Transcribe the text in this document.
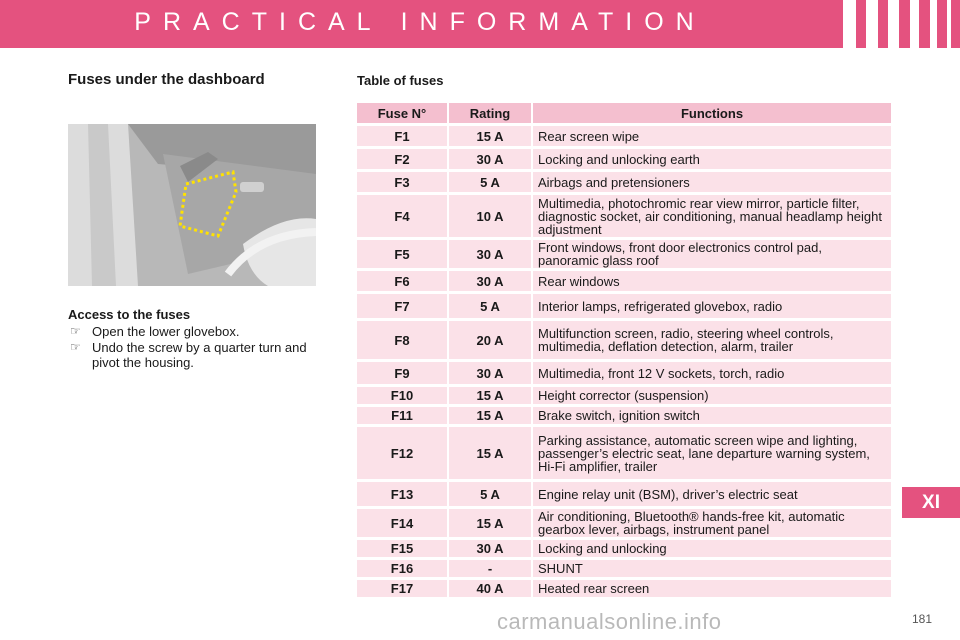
PRACTICAL INFORMATION
Fuses under the dashboard
Access to the fuses
☞ Open the lower glovebox.
☞ Undo the screw by a quarter turn and pivot the housing.
Table of fuses
Fuse N°	Rating	Functions
F1	15 A	Rear screen wipe
F2	30 A	Locking and unlocking earth
F3	5 A	Airbags and pretensioners
F4	10 A	Multimedia, photochromic rear view mirror, particle filter, diagnostic socket, air conditioning, manual headlamp height adjustment
F5	30 A	Front windows, front door electronics control pad, panoramic glass roof
F6	30 A	Rear windows
F7	5 A	Interior lamps, refrigerated glovebox, radio
F8	20 A	Multifunction screen, radio, steering wheel controls, multimedia, deflation detection, alarm, trailer
F9	30 A	Multimedia, front 12 V sockets, torch, radio
F10	15 A	Height corrector (suspension)
F11	15 A	Brake switch, ignition switch
F12	15 A	Parking assistance, automatic screen wipe and lighting, passenger’s electric seat, lane departure warning system, Hi-Fi amplifier, trailer
F13	5 A	Engine relay unit (BSM), driver’s electric seat
F14	15 A	Air conditioning, Bluetooth® hands-free kit, automatic gearbox lever, airbags, instrument panel
F15	30 A	Locking and unlocking
F16	-	SHUNT
F17	40 A	Heated rear screen
XI
181
carmanualsonline.info
